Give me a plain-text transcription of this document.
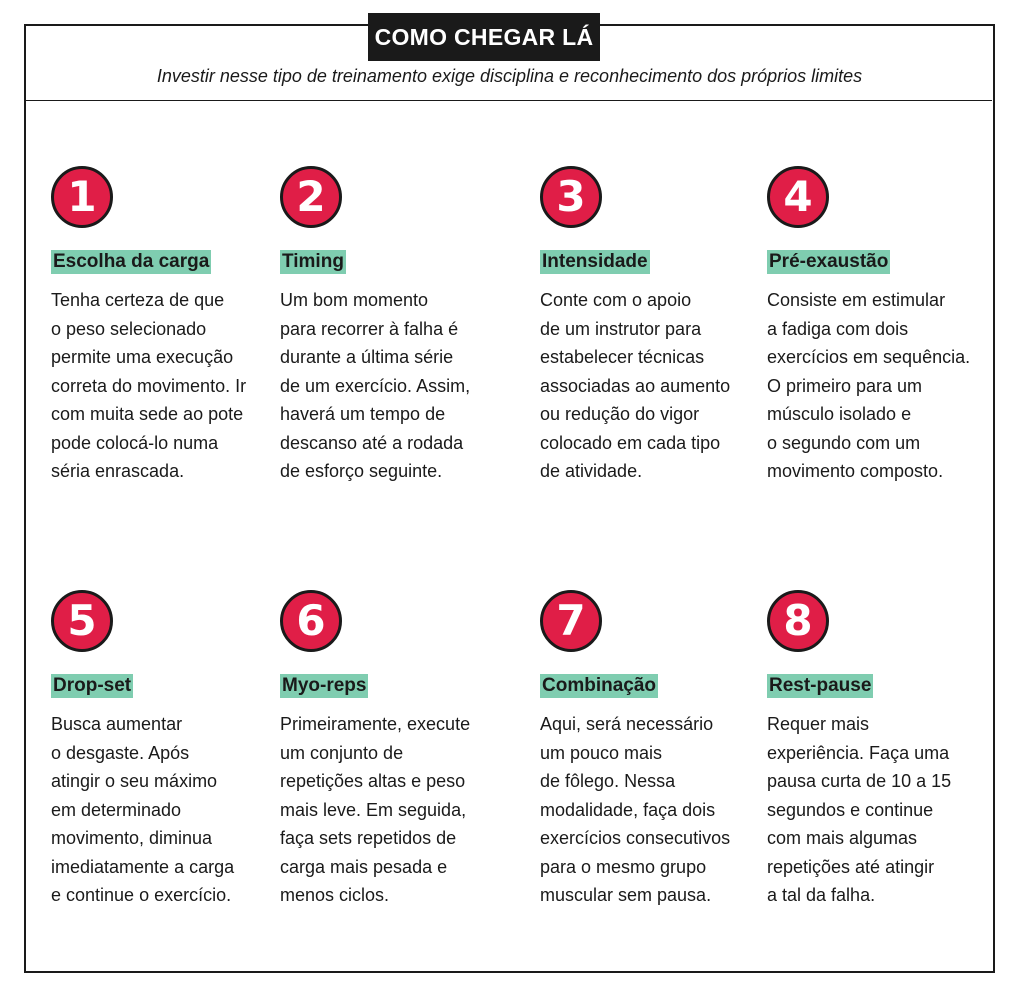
COMO CHEGAR LÁ
Investir nesse tipo de treinamento exige disciplina e reconhecimento dos próprios limites
1
Escolha da carga
Tenha certeza de que
o peso selecionado
permite uma execução
correta do movimento. Ir
com muita sede ao pote
pode colocá-lo numa
séria enrascada.
2
Timing
Um bom momento
para recorrer à falha é
durante a última série
de um exercício. Assim,
haverá um tempo de
descanso até a rodada
de esforço seguinte.
3
Intensidade
Conte com o apoio
de um instrutor para
estabelecer técnicas
associadas ao aumento
ou redução do vigor
colocado em cada tipo
de atividade.
4
Pré-exaustão
Consiste em estimular
a fadiga com dois
exercícios em sequência.
O primeiro para um
músculo isolado e
o segundo com um
movimento composto.
5
Drop-set
Busca aumentar
o desgaste. Após
atingir o seu máximo
em determinado
movimento, diminua
imediatamente a carga
e continue o exercício.
6
Myo-reps
Primeiramente, execute
um conjunto de
repetições altas e peso
mais leve. Em seguida,
faça sets repetidos de
carga mais pesada e
menos ciclos.
7
Combinação
Aqui, será necessário
um pouco mais
de fôlego. Nessa
modalidade, faça dois
exercícios consecutivos
para o mesmo grupo
muscular sem pausa.
8
Rest-pause
Requer mais
experiência. Faça uma
pausa curta de 10 a 15
segundos e continue
com mais algumas
repetições até atingir
a tal da falha.
